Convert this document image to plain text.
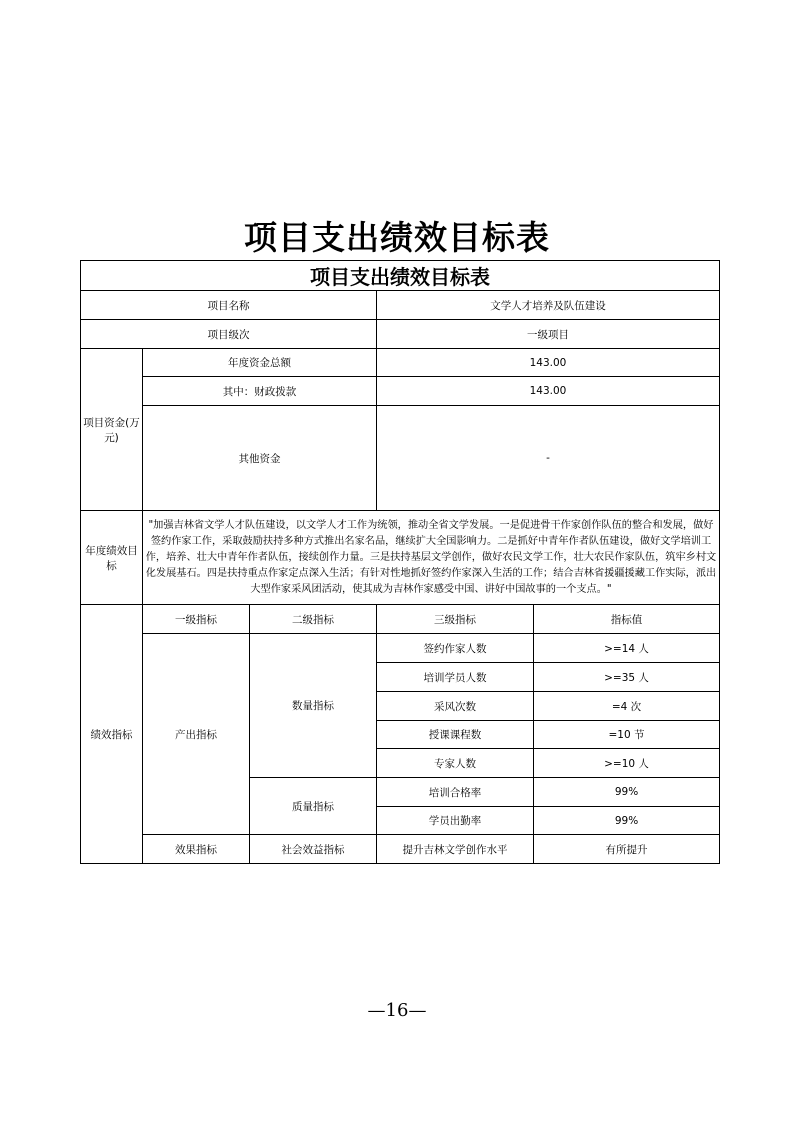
项目支出绩效目标表
项目支出绩效目标表				
项目名称			文学人才培养及队伍建设	
项目级次			一级项目	
项目资金(万元)	年度资金总额		143.00	
	其中：财政拨款		143.00	
	其他资金		-	
年度绩效目标	"加强吉林省文学人才队伍建设，以文学人才工作为统领，推动全省文学发展。一是促进骨干作家创作队伍的整合和发展，做好签约作家工作，采取鼓励扶持多种方式推出名家名品，继续扩大全国影响力。二是抓好中青年作者队伍建设，做好文学培训工作，培养、壮大中青年作者队伍，接续创作力量。三是扶持基层文学创作，做好农民文学工作，壮大农民作家队伍，筑牢乡村文化发展基石。四是扶持重点作家定点深入生活；有针对性地抓好签约作家深入生活的工作；结合吉林省援疆援藏工作实际，派出大型作家采风团活动，使其成为吉林作家感受中国、讲好中国故事的一个支点。"			
绩效指标	一级指标	二级指标	三级指标	指标值
	产出指标	数量指标	签约作家人数	>=14 人
			培训学员人数	>=35 人
			采风次数	=4 次
			授课课程数	=10 节
			专家人数	>=10 人
		质量指标	培训合格率	99%
			学员出勤率	99%
	效果指标	社会效益指标	提升吉林文学创作水平	有所提升
—16—
